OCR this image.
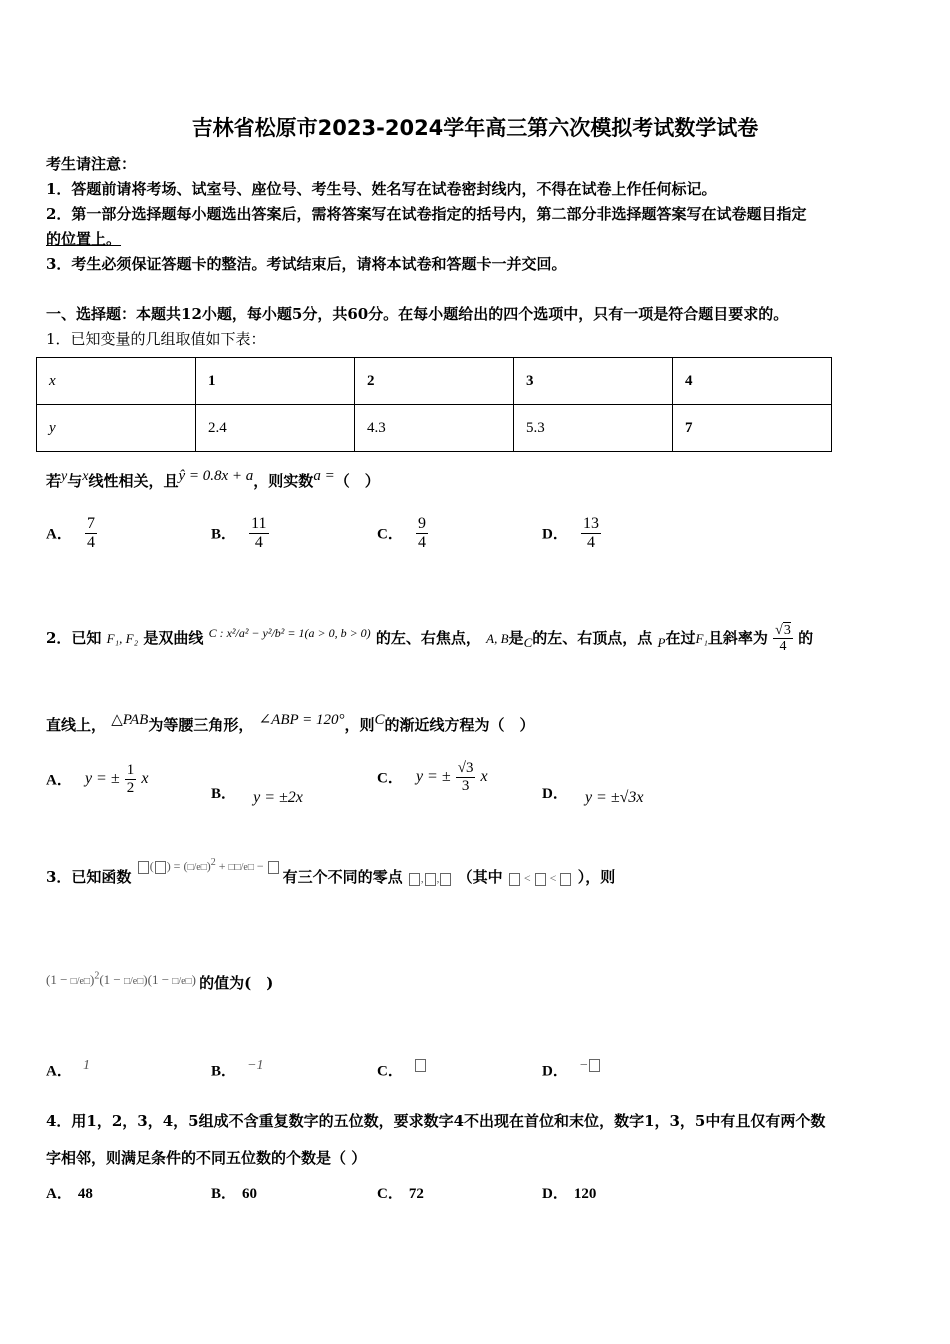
吉林省松原市2023-2024学年高三第六次模拟考试数学试卷
考生请注意：
1．答题前请将考场、试室号、座位号、考生号、姓名写在试卷密封线内，不得在试卷上作任何标记。
2．第一部分选择题每小题选出答案后，需将答案写在试卷指定的括号内，第二部分非选择题答案写在试卷题目指定
的位置上。
3．考生必须保证答题卡的整洁。考试结束后，请将本试卷和答题卡一并交回。
一、选择题：本题共12小题，每小题5分，共60分。在每小题给出的四个选项中，只有一项是符合题目要求的。
1．已知变量的几组取值如下表：
x	1	2	3	4
y	2.4	4.3	5.3	7
若$^y$与$^x$线性相关，且$^{ŷ = 0.8x + a}$，则实数$^{a =}$（　）
A． $\frac{7}{4}$	B． $\frac{11}{4}$	C． $\frac{9}{4}$	D． $\frac{13}{4}$
2．已知 F₁, F₂ 是双曲线 $^{C : x^2/a^2 - y^2/b^2 = 1(a > 0, b > 0)}$ 的左、右焦点， A, B是$_C$的左、右顶点，点 $_P$在过F₁且斜率为 $\frac{√3}{4}$ 的
直线上， $^{\triangle PAB}$为等腰三角形， $^{\angle ABP = 120^\circ}$，则$^C$的渐近线方程为（　）
A． y = ± $\frac{1}{2}$ x
B． y = ±2x
C． y = ± $\frac{√3}{3}$ x
D． y = ±√3x
3．已知函数 $^{( ) = (□/e□)^2 + □□/e□ -}$  有三个不同的零点 , , （其中  <  <  ），则
(1 − □/e□)$^2$(1 − □/e□)(1 − □/e□) 的值为(　)
A． $^1$	B． $^{-1}$	C．	D． −
4．用1，2，3，4，5组成不含重复数字的五位数，要求数字4不出现在首位和末位，数字1，3，5中有且仅有两个数
字相邻，则满足条件的不同五位数的个数是（ ）
A． 48	B． 60	C． 72	D． 120
